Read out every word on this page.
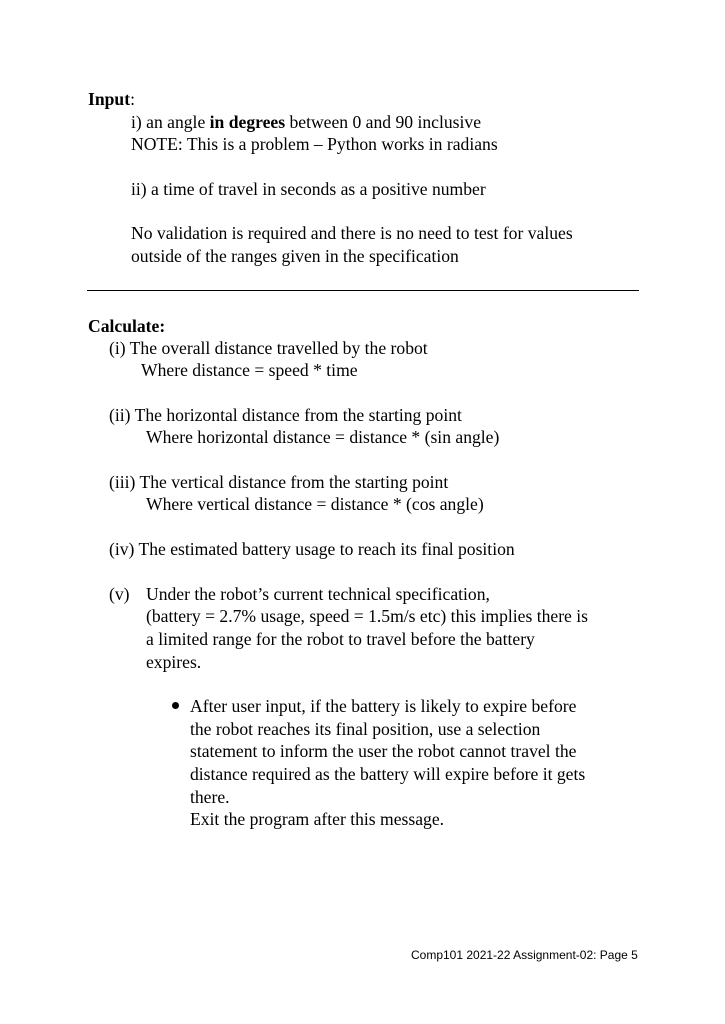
Input:
i) an angle in degrees between 0 and 90 inclusive
NOTE: This is a problem – Python works in radians
ii) a time of travel in seconds as a positive number
No validation is required and there is no need to test for values
outside of the ranges given in the specification
Calculate:
(i) The overall distance travelled by the robot
Where distance = speed * time
(ii) The horizontal distance from the starting point
Where horizontal distance = distance * (sin angle)
(iii) The vertical distance from the starting point
Where vertical distance = distance * (cos angle)
(iv) The estimated battery usage to reach its final position
(v) Under the robot’s current technical specification,
(battery = 2.7% usage, speed = 1.5m/s etc) this implies there is
a limited range for the robot to travel before the battery
expires.
After user input, if the battery is likely to expire before
the robot reaches its final position, use a selection
statement to inform the user the robot cannot travel the
distance required as the battery will expire before it gets
there.
Exit the program after this message.
Comp101 2021-22 Assignment-02: Page 5
